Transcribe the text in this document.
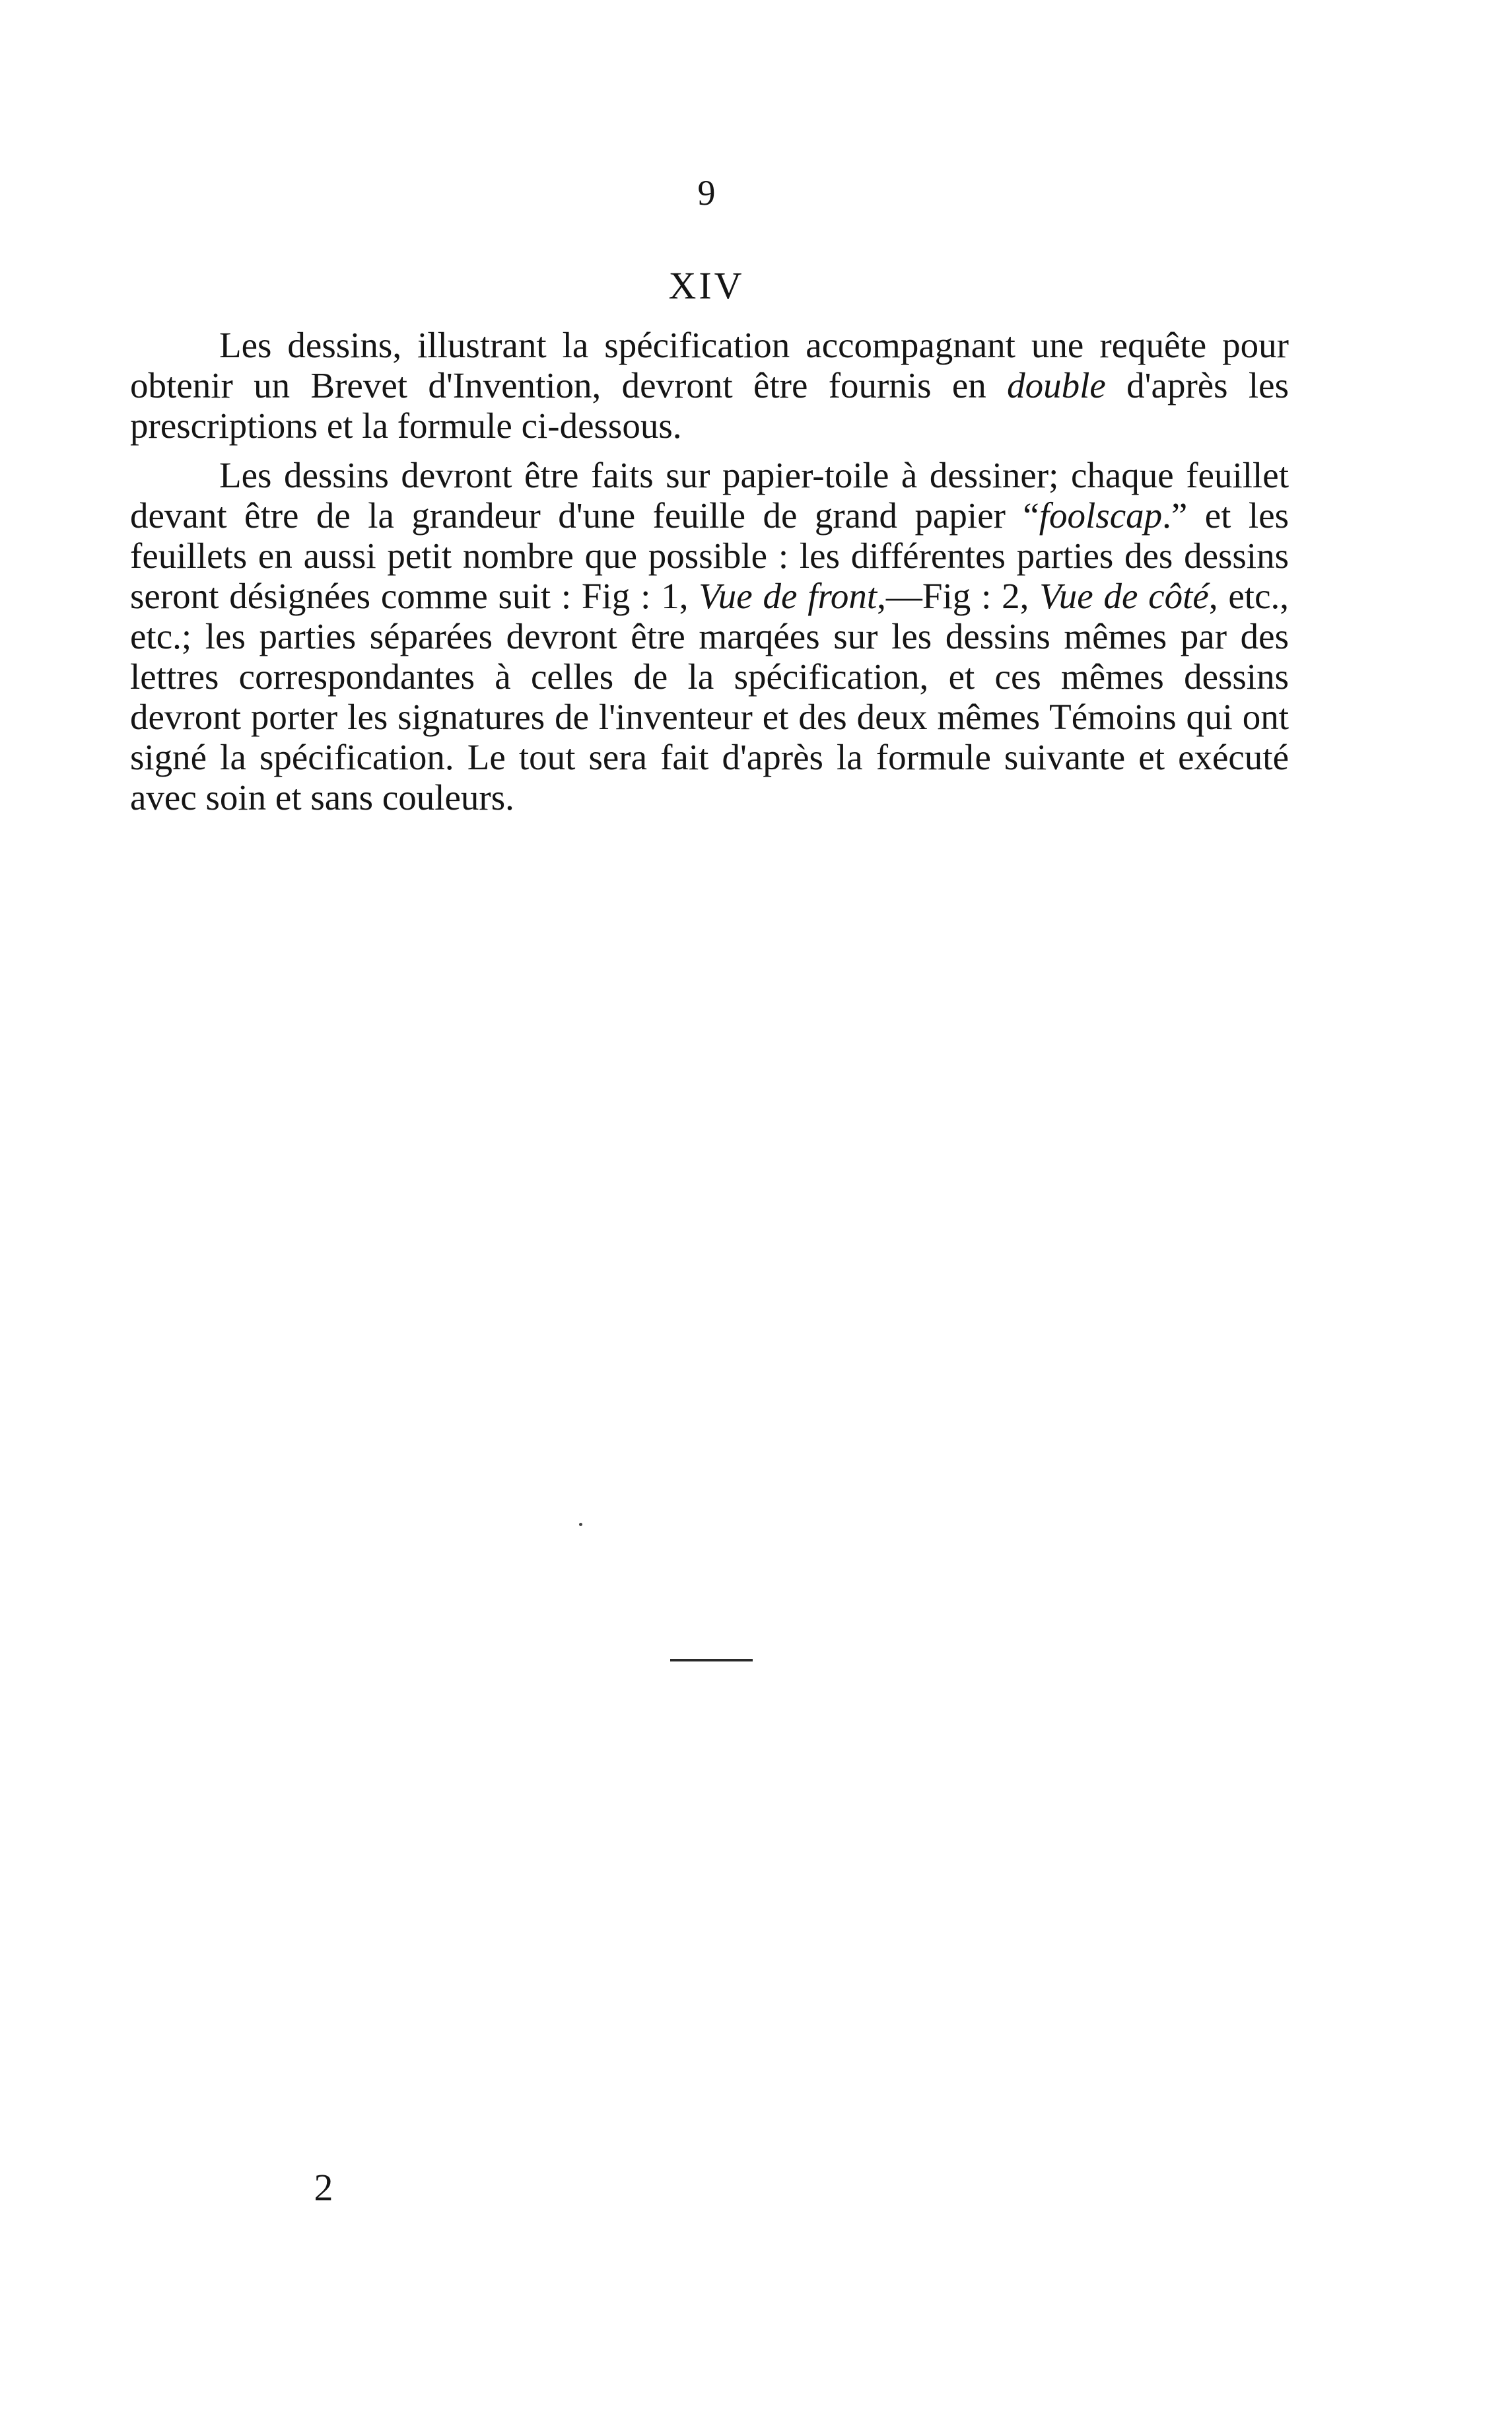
9
XIV

Les dessins, illustrant la spécification accompagnant une requête pour obtenir un Brevet d'Invention, devront être fournis en double d'après les prescriptions et la formule ci-dessous.

Les dessins devront être faits sur papier-toile à dessiner; chaque feuillet devant être de la grandeur d'une feuille de grand papier “foolscap.” et les feuillets en aussi petit nombre que possible : les différentes parties des dessins seront désignées comme suit : Fig : 1, Vue de front,—Fig : 2, Vue de côté, etc., etc.; les parties séparées devront être marqées sur les dessins mêmes par des lettres correspondantes à celles de la spécification, et ces mêmes dessins devront porter les signatures de l'inventeur et des deux mêmes Témoins qui ont signé la spécification. Le tout sera fait d'après la formule suivante et exécuté avec soin et sans couleurs.

2
